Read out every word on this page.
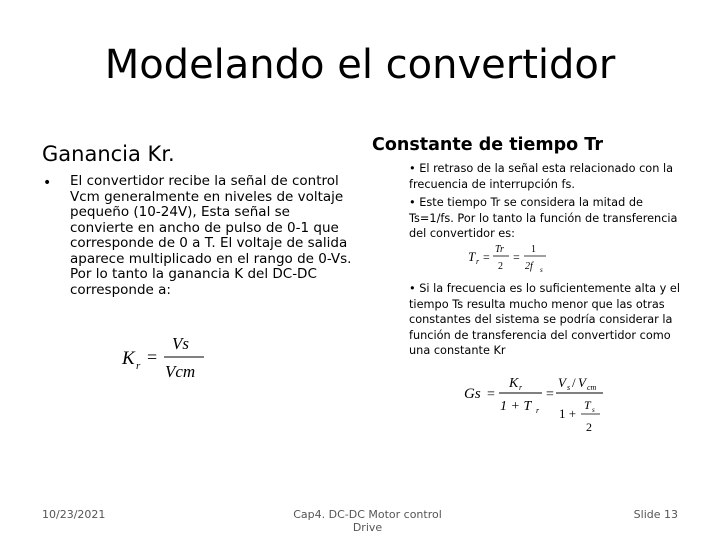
Modelando el convertidor
Ganancia Kr.
• El convertidor recibe la señal de control Vcm generalmente en niveles de voltaje pequeño (10-24V), Esta señal se convierte en ancho de pulso de 0-1 que corresponde de 0 a T. El voltaje de salida aparece multiplicado en el rango de 0-Vs. Por lo tanto la ganancia K del DC-DC corresponde a:
K r =
Vs
Vcm
Constante de tiempo Tr
• El retraso de la señal esta relacionado con la frecuencia de interrupción fs.
• Este tiempo Tr se considera la mitad de Ts=1/fs. Por lo tanto la función de transferencia del convertidor es:
T r =
Tr
2
=
1
2f s
• Si la frecuencia es lo suficientemente alta y el tiempo Ts resulta mucho menor que las otras constantes del sistema se podría considerar la función de transferencia del convertidor como una constante Kr
Gs =
K r
1 + T r
=
V s / V cm
1 +
T s
2
10/23/2021	Cap4. DC-DC Motor control Drive
Slide 13
